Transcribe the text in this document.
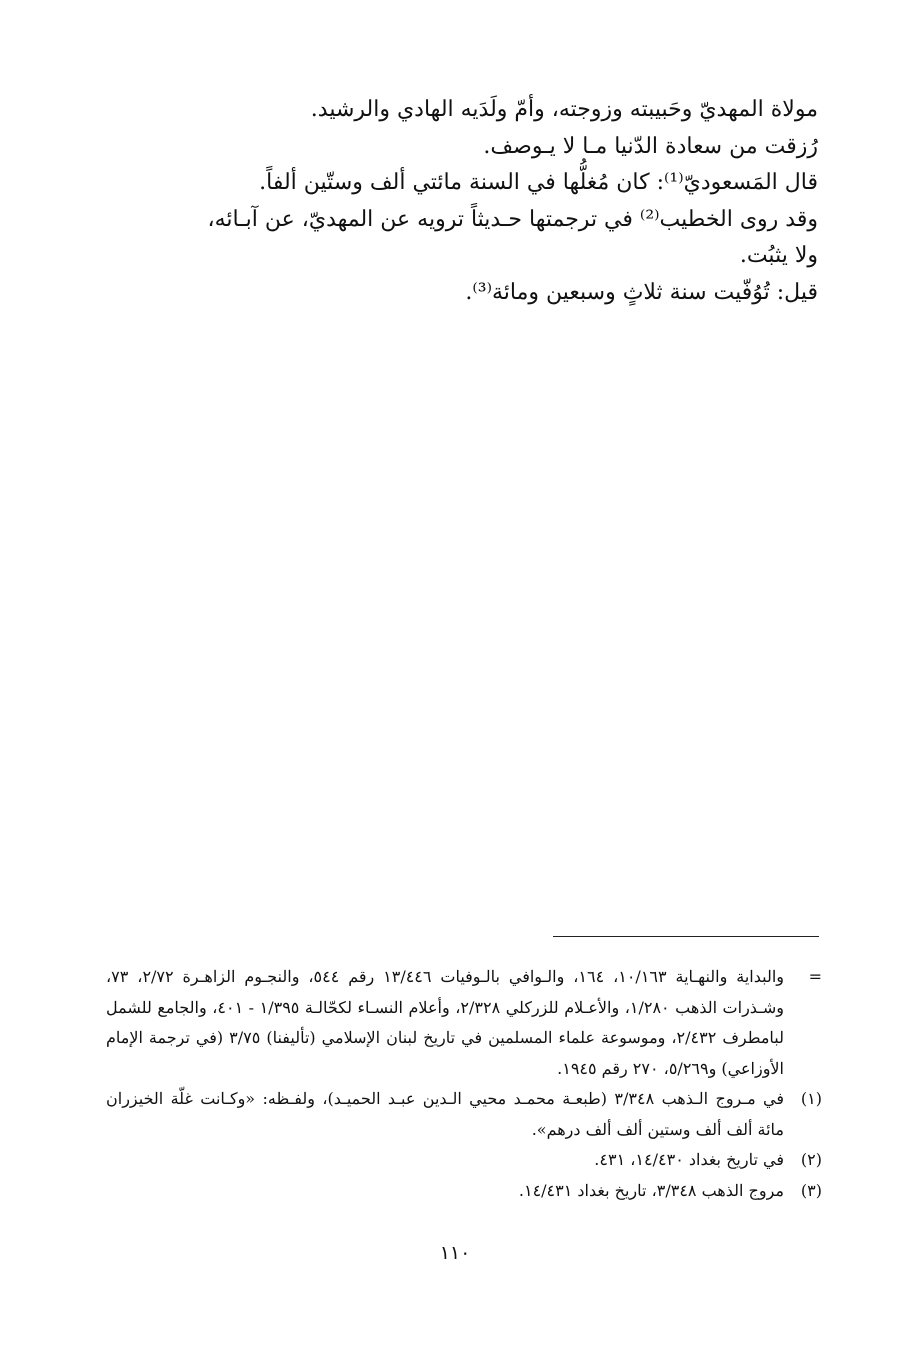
مولاة المهديّ وحَبيبته وزوجته، وأمّ ولَدَيه الهادي والرشيد.

رُزقت من سعادة الدّنيا مـا لا يـوصف.

قال المَسعوديّ⁽¹⁾: كان مُغلُّها في السنة مائتي ألف وستّين ألفاً.

وقد روى الخطيب⁽²⁾ في ترجمتها حـديثاً ترويه عن المهديّ، عن آبـائه،

ولا يثبُت.

قيل: تُوُفّيت سنة ثلاثٍ وسبعين ومائة⁽³⁾.

=
والبداية والنهـاية ١٠/١٦٣، ١٦٤، والـوافي بالـوفيات ١٣/٤٤٦ رقم ٥٤٤، والنجـوم الزاهـرة ٢/٧٢، ٧٣، وشـذرات الذهب ١/٢٨٠، والأعـلام للزركلي ٢/٣٢٨، وأعلام النسـاء لكحّالـة ١/٣٩٥ - ٤٠١، والجامع للشمل لبامطرف ٢/٤٣٢، وموسوعة علماء المسلمين في تاريخ لبنان الإسلامي (تأليفنا) ٣/٧٥ (في ترجمة الإمام الأوزاعي) و٥/٢٦٩، ٢٧٠ رقم ١٩٤٥.
(١)
في مـروج الـذهب ٣/٣٤٨ (طبعـة محمـد محيي الـدين عبـد الحميـد)، ولفـظه: «وكـانت غلّة الخيزران مائة ألف ألف وستين ألف ألف درهم».
(٢)
في تاريخ بغداد ١٤/٤٣٠، ٤٣١.
(٣)
مروج الذهب ٣/٣٤٨، تاريخ بغداد ١٤/٤٣١.
١١٠
